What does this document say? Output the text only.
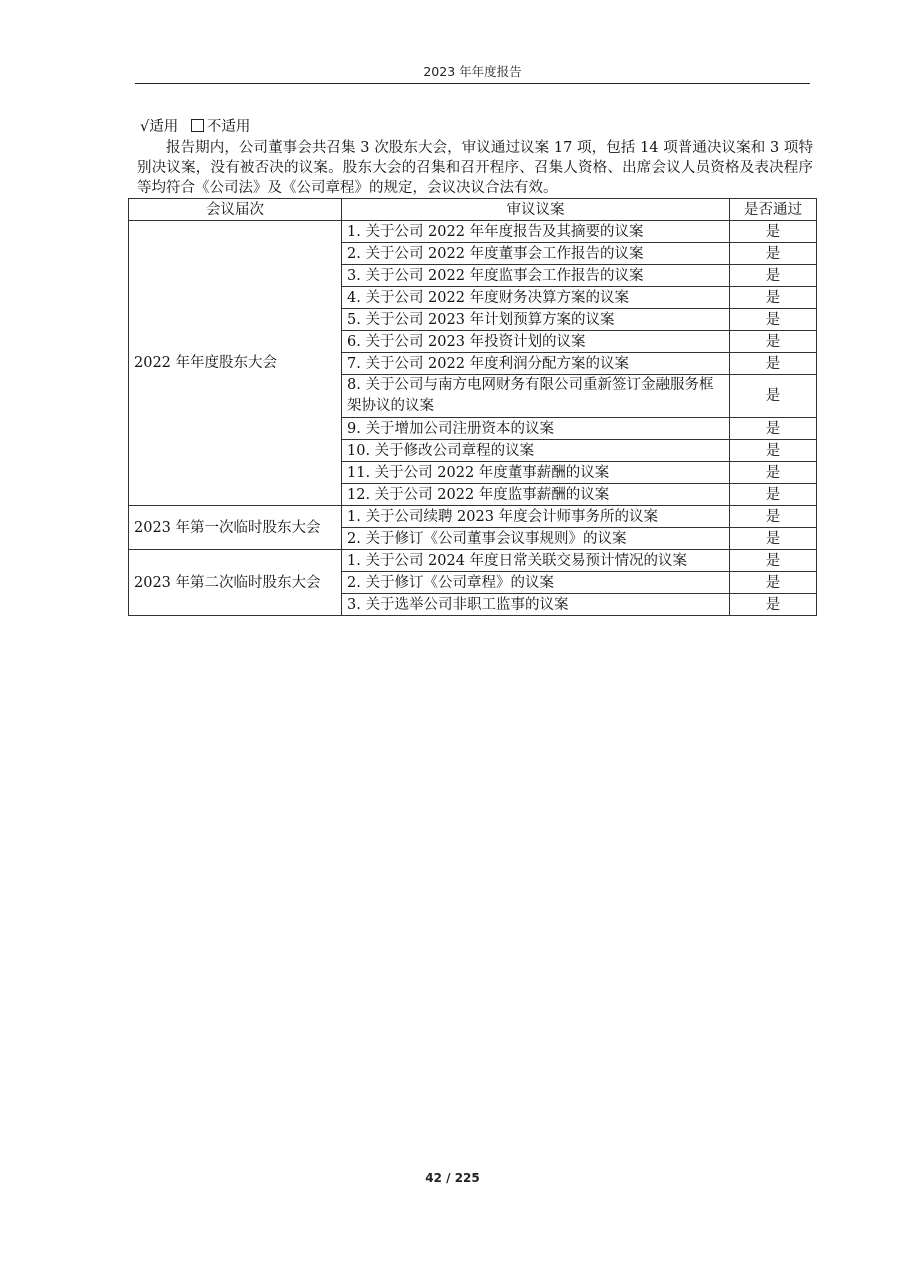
2023 年年度报告
√适用 不适用
报告期内，公司董事会共召集 3 次股东大会，审议通过议案 17 项，包括 14 项普通决议案和 3 项特别决议案，没有被否决的议案。股东大会的召集和召开程序、召集人资格、出席会议人员资格及表决程序等均符合《公司法》及《公司章程》的规定，会议决议合法有效。
会议届次	审议议案	是否通过
2022 年年度股东大会	1. 关于公司 2022 年年度报告及其摘要的议案	是
	2. 关于公司 2022 年度董事会工作报告的议案	是
	3. 关于公司 2022 年度监事会工作报告的议案	是
	4. 关于公司 2022 年度财务决算方案的议案	是
	5. 关于公司 2023 年计划预算方案的议案	是
	6. 关于公司 2023 年投资计划的议案	是
	7. 关于公司 2022 年度利润分配方案的议案	是
	8. 关于公司与南方电网财务有限公司重新签订金融服务框架协议的议案	是
	9. 关于增加公司注册资本的议案	是
	10. 关于修改公司章程的议案	是
	11. 关于公司 2022 年度董事薪酬的议案	是
	12. 关于公司 2022 年度监事薪酬的议案	是
2023 年第一次临时股东大会	1. 关于公司续聘 2023 年度会计师事务所的议案	是
	2. 关于修订《公司董事会议事规则》的议案	是
2023 年第二次临时股东大会	1. 关于公司 2024 年度日常关联交易预计情况的议案	是
	2. 关于修订《公司章程》的议案	是
	3. 关于选举公司非职工监事的议案	是
42 / 225
